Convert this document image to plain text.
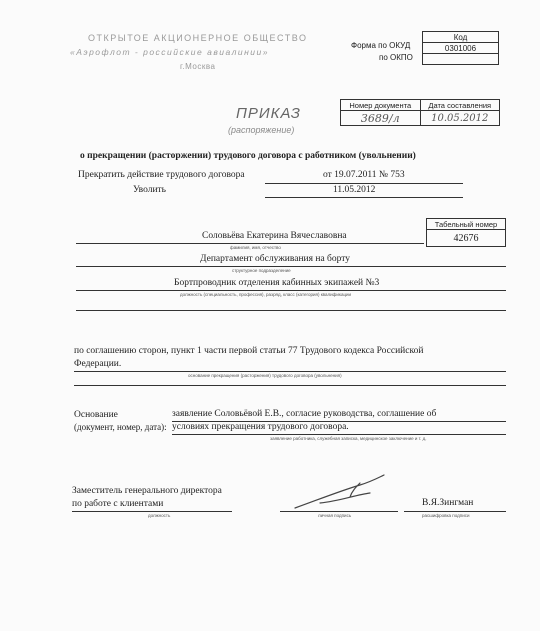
ОТКРЫТОЕ АКЦИОНЕРНОЕ ОБЩЕСТВО
«Аэрофлот - российские авиалинии»
г.Москва
Форма по ОКУД
по ОКПО
Код
0301006

ПРИКАЗ
(распоряжение)
Номер документа	Дата составления
3689/л	10.05.2012
о прекращении (расторжении) трудового договора с работником (увольнении)
Прекратить действие трудового договора	от 19.07.2011 № 753
Уволить	11.05.2012
Табельный номер
42676
Соловьёва Екатерина Вячеславовна
фамилия, имя, отчество
Департамент обслуживания на борту
структурное подразделение
Бортпроводник отделения кабинных экипажей №3
должность (специальность, профессия), разряд, класс (категория) квалификации
по соглашению сторон, пункт 1 части первой статьи 77 Трудового кодекса Российской
Федерации.
основание прекращения (расторжения) трудового договора (увольнения)
Основание
(документ, номер, дата):
заявление Соловьёвой Е.В., согласие руководства, соглашение об
условиях прекращения трудового договора.
заявление работника, служебная записка, медицинское заключение и т. д.
Заместитель генерального директора
по работе с клиентами
должность	личная подпись
В.Я.Зингман
расшифровка подписи
